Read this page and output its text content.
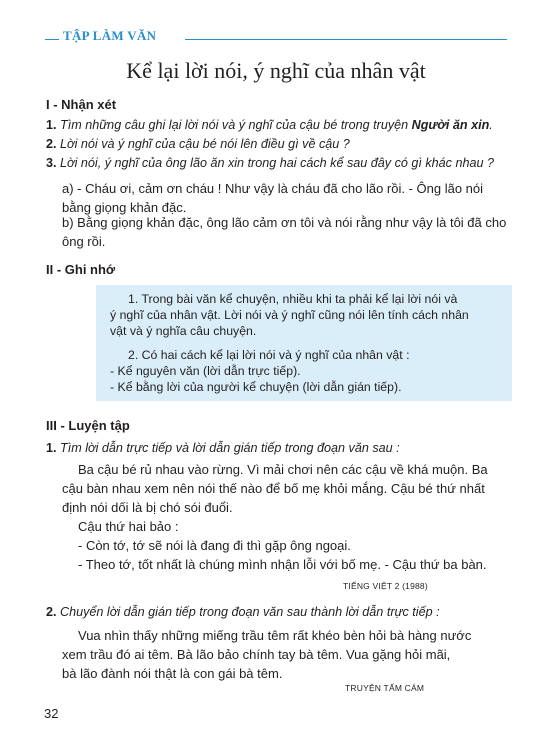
TẬP LÀM VĂN
Kể lại lời nói, ý nghĩ của nhân vật
I - Nhận xét
1. Tìm những câu ghi lại lời nói và ý nghĩ của cậu bé trong truyện Người ăn xin.
2. Lời nói và ý nghĩ của cậu bé nói lên điều gì về cậu ?
3. Lời nói, ý nghĩ của ông lão ăn xin trong hai cách kể sau đây có gì khác nhau ?
a) - Cháu ơi, cảm ơn cháu ! Như vậy là cháu đã cho lão rồi. - Ông lão nói bằng giọng khản đặc.
b) Bằng giọng khản đặc, ông lão cảm ơn tôi và nói rằng như vậy là tôi đã cho ông rồi.
II - Ghi nhớ
1. Trong bài văn kể chuyện, nhiều khi ta phải kể lại lời nói và
ý nghĩ của nhân vật. Lời nói và ý nghĩ cũng nói lên tính cách nhân
vật và ý nghĩa câu chuyện.
2. Có hai cách kể lại lời nói và ý nghĩ của nhân vật :
- Kể nguyên văn (lời dẫn trực tiếp).
- Kể bằng lời của người kể chuyện (lời dẫn gián tiếp).
III - Luyện tập
1. Tìm lời dẫn trực tiếp và lời dẫn gián tiếp trong đoạn văn sau :
Ba cậu bé rủ nhau vào rừng. Vì mải chơi nên các cậu về khá muộn. Ba
cậu bàn nhau xem nên nói thế nào để bố mẹ khỏi mắng. Cậu bé thứ nhất
định nói dối là bị chó sói đuổi.
Cậu thứ hai bảo :
- Còn tớ, tớ sẽ nói là đang đi thì gặp ông ngoại.
- Theo tớ, tốt nhất là chúng mình nhận lỗi với bố mẹ. - Cậu thứ ba bàn.
TIẾNG VIỆT 2 (1988)
2. Chuyển lời dẫn gián tiếp trong đoạn văn sau thành lời dẫn trực tiếp :
Vua nhìn thấy những miếng trầu têm rất khéo bèn hỏi bà hàng nước
xem trầu đó ai têm. Bà lão bảo chính tay bà têm. Vua gặng hỏi mãi,
bà lão đành nói thật là con gái bà têm.
TRUYỆN TẤM CÁM
32
